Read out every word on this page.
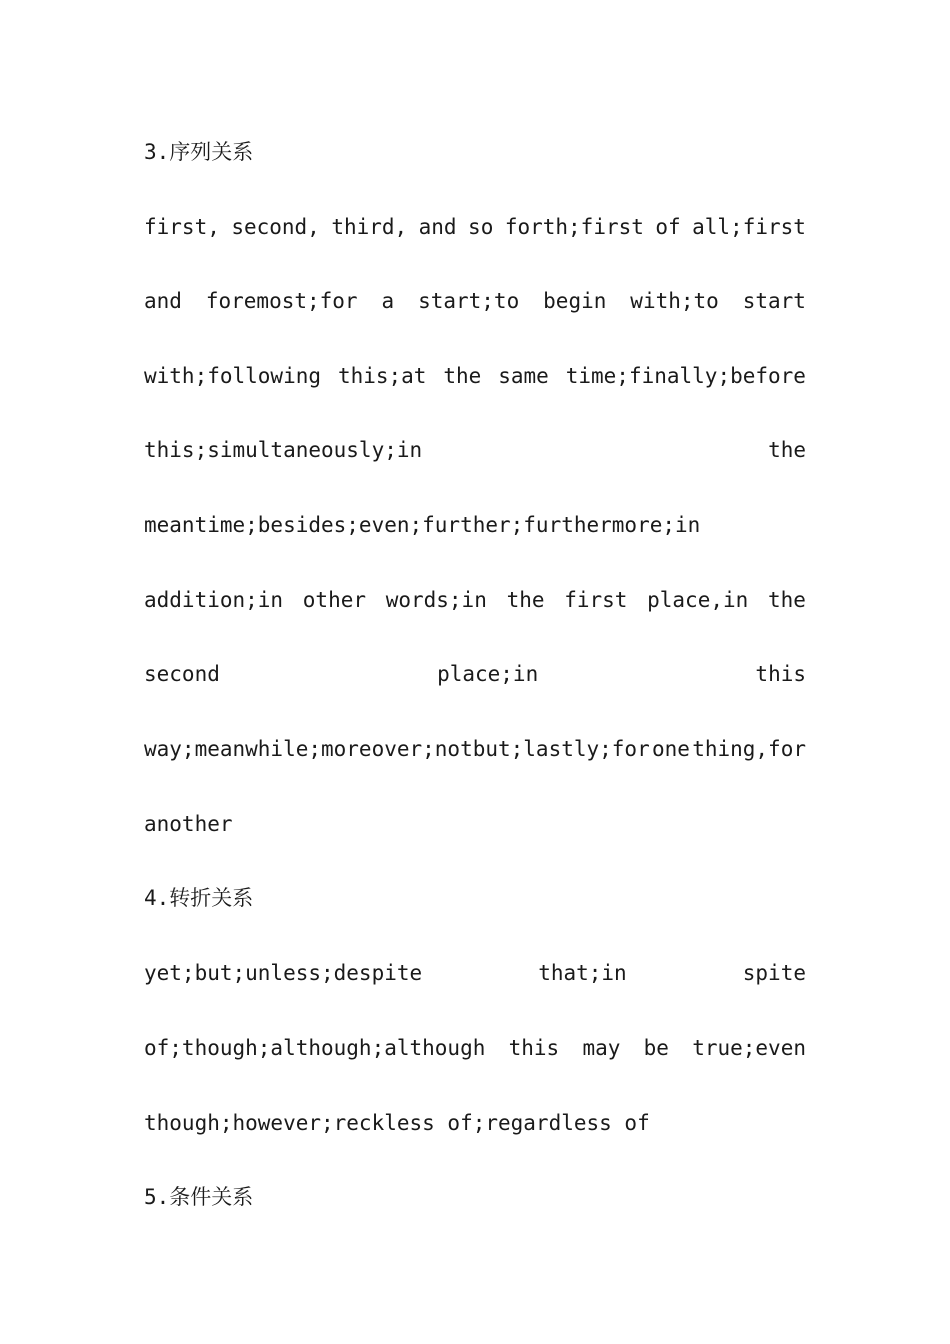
3.序列关系
first, second, third, and so forth;first of all;first
and foremost;for a start;to begin with;to start
with;following this;at the same time;finally;before
this;simultaneously;in	the
meantime;besides;even;further;furthermore;in
addition;in other words;in the first place,in the
second	place;in	this
way;meanwhile;moreover;notbut;lastly;for one thing,for
another
4.转折关系
yet;but;unless;despite	that;in	spite
of;though;although;although this may be true;even
though;however;reckless of;regardless of
5.条件关系
